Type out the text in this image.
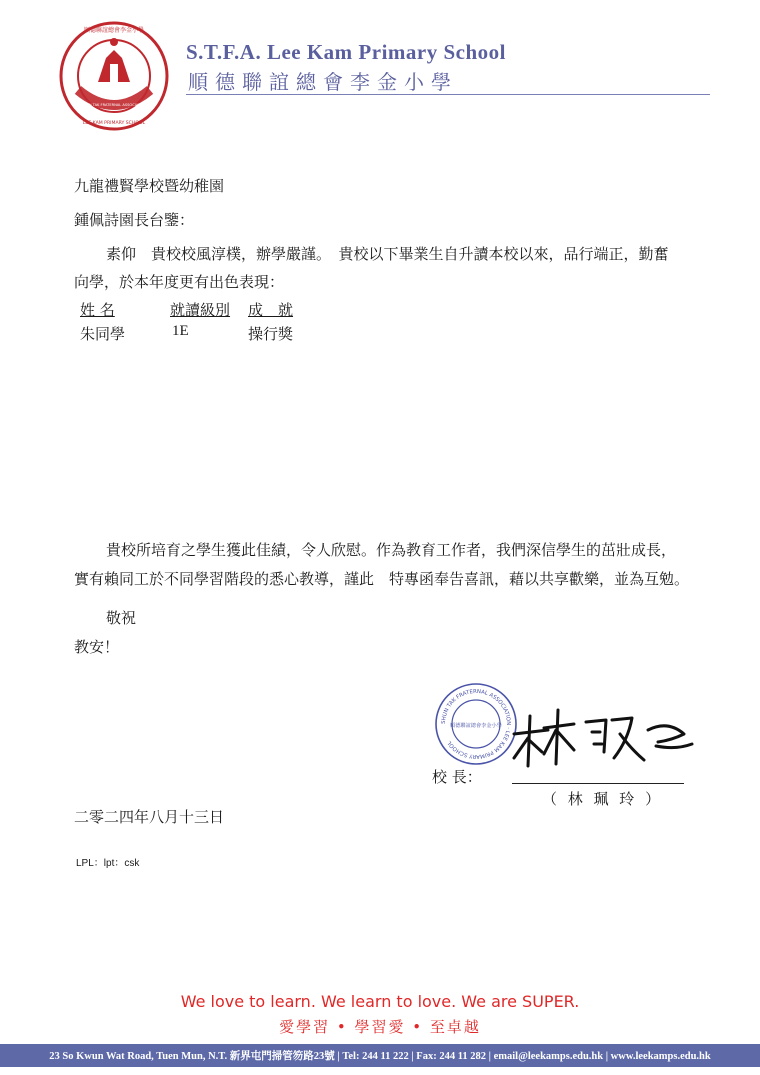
順德聯誼總會李金小學
LEE KAM PRIMARY SCHOOL
SHUN TAK FRATERNAL ASSOCIATION
S.T.F.A. Lee Kam Primary School
順德聯誼總會李金小學
九龍禮賢學校暨幼稚園
鍾佩詩園長台鑒：
素仰　貴校校風淳樸，辦學嚴謹。　貴校以下畢業生自升讀本校以來，品行端正，勤奮
向學，於本年度更有出色表現：
姓 名	就讀級別 成　就
朱同學	1E	操行獎
貴校所培育之學生獲此佳績，令人欣慰。作為教育工作者，我們深信學生的茁壯成長，
實有賴同工於不同學習階段的悉心教導，謹此　特專函奉告喜訊，藉以共享歡樂，並為互勉。
敬祝
教安！
SHUN TAK FRATERNAL ASSOCIATION · LEE KAM PRIMARY SCHOOL
順德聯誼總會李金小學
校 長：
（ 林 珮 玲 ）
二零二四年八月十三日
LPL：lpt：csk
We love to learn. We learn to love. We are SUPER.
愛學習 • 學習愛 • 至卓越
23 So Kwun Wat Road, Tuen Mun, N.T. 新界屯門掃管笏路23號 | Tel: 244 11 222 | Fax: 244 11 282 | email@leekamps.edu.hk | www.leekamps.edu.hk
